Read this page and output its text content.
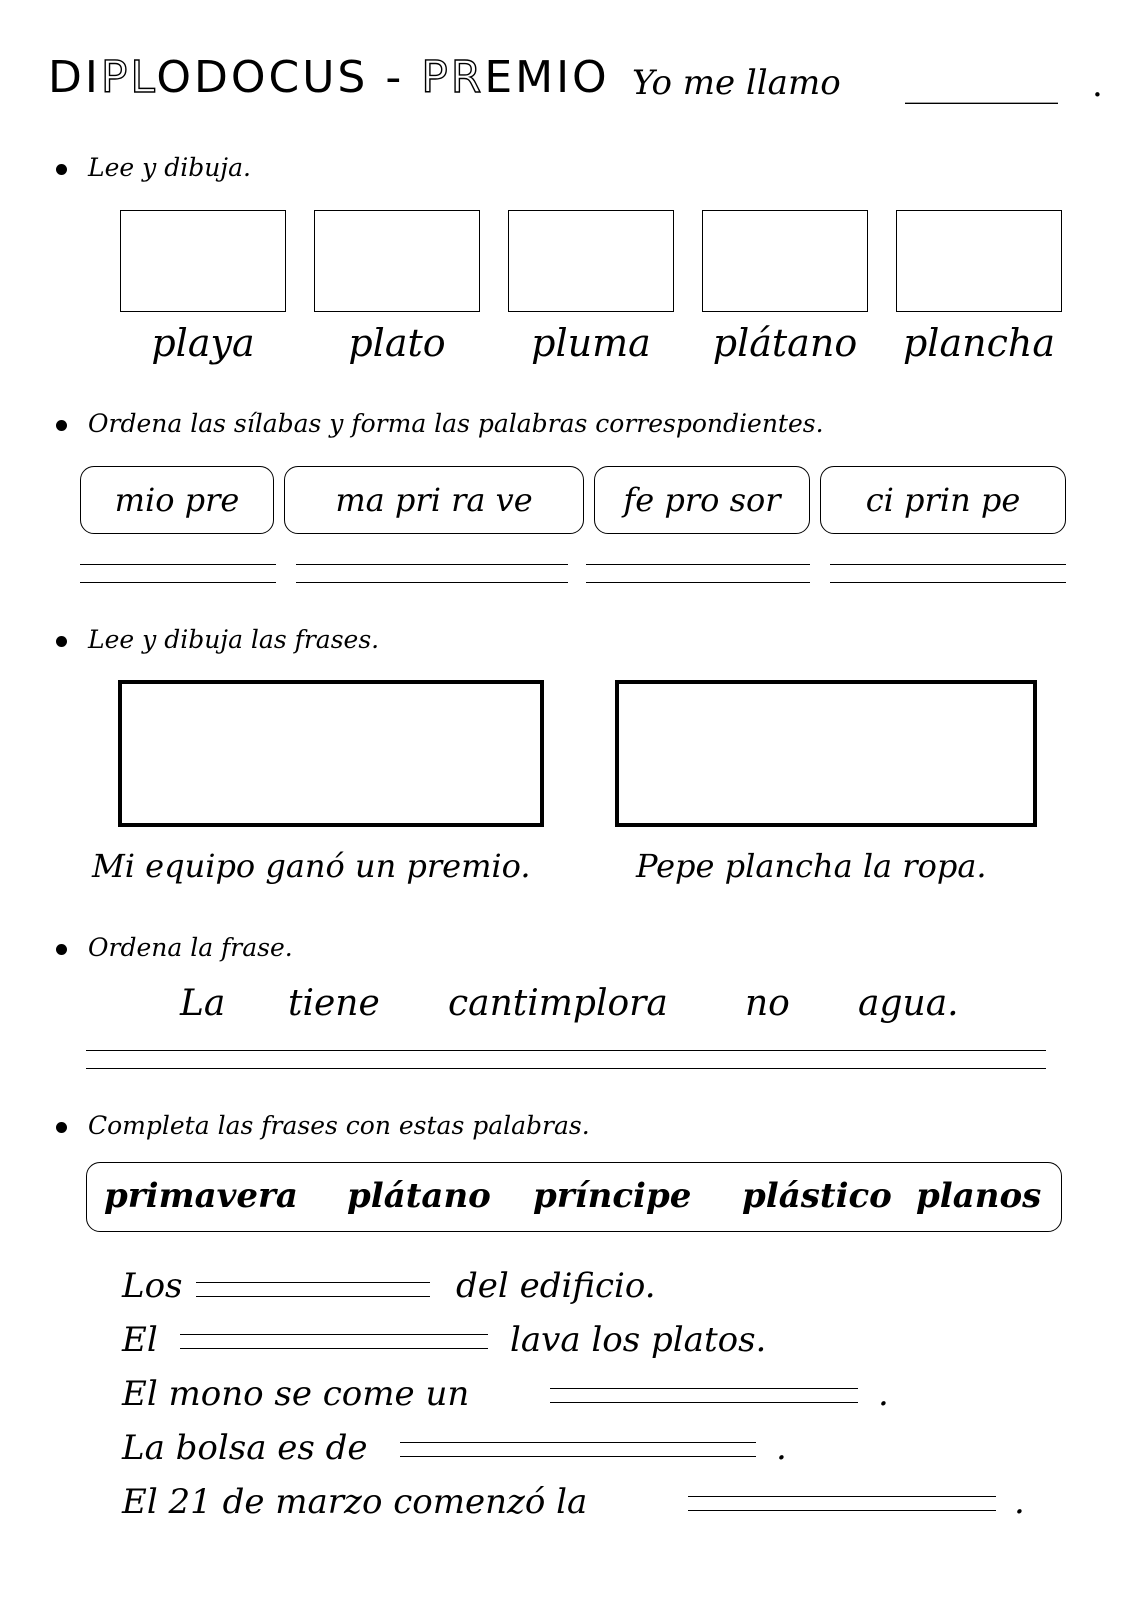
DIPLODOCUS - PREMIO Yo me llamo _________ .
Lee y dibuja.
playa	plato	pluma	plátano	plancha
Ordena las sílabas y forma las palabras correspondientes.
mio pre	ma pri ra ve	fe pro sor	ci prin pe
Lee y dibuja las frases.
Mi equipo ganó un premio.	Pepe plancha la ropa.
Ordena la frase.
La tiene cantimplora no agua.
Completa las frases con estas palabras.
primavera plátano príncipe plástico planos
Los	del edificio.
El	lava los platos.
El mono se come un	.
La bolsa es de	.
El 21 de marzo comenzó la	.
